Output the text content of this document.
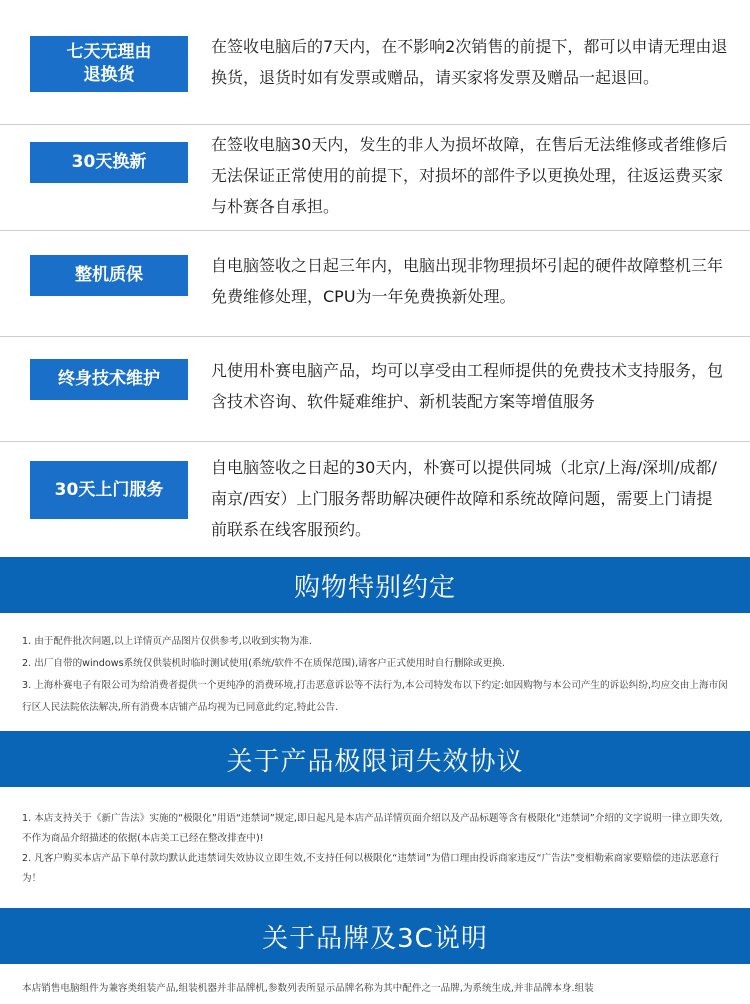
七天无理由
退换货
在签收电脑后的7天内，在不影响2次销售的前提下，都可以申请无理由退换货，退货时如有发票或赠品，请买家将发票及赠品一起退回。
30天换新
在签收电脑30天内，发生的非人为损坏故障，在售后无法维修或者维修后无法保证正常使用的前提下，对损坏的部件予以更换处理，往返运费买家与朴赛各自承担。
整机质保	自电脑签收之日起三年内，电脑出现非物理损坏引起的硬件故障整机三年免费维修处理，CPU为一年免费换新处理。
终身技术维护	凡使用朴赛电脑产品，均可以享受由工程师提供的免费技术支持服务，包含技术咨询、软件疑难维护、新机装配方案等增值服务
30天上门服务
自电脑签收之日起的30天内，朴赛可以提供同城（北京/上海/深圳/成都/南京/西安）上门服务帮助解决硬件故障和系统故障问题，需要上门请提前联系在线客服预约。
购物特别约定

1. 由于配件批次问题,以上详情页产品图片仅供参考,以收到实物为准.

2. 出厂自带的windows系统仅供装机时临时测试使用(系统/软件不在质保范围),请客户正式使用时自行删除或更换.

3. 上海朴赛电子有限公司为给消费者提供一个更纯净的消费环境,打击恶意诉讼等不法行为,本公司特发布以下约定:如因购物与本公司产生的诉讼纠纷,均应交由上海市闵行区人民法院依法解决,所有消费本店铺产品均视为已同意此约定,特此公告.

关于产品极限词失效协议

1. 本店支持关于《新广告法》实施的“极限化”用语“违禁词”规定,即日起凡是本店产品详情页面介绍以及产品标题等含有极限化“违禁词”介绍的文字说明一律立即失效,不作为商品介绍描述的依据(本店美工已经在整改排查中)!

2. 凡客户购买本店产品下单付款均默认此违禁词失效协议立即生效,不支持任何以极限化“违禁词”为借口理由投诉商家违反“广告法”变相勒索商家要赔偿的违法恶意行为！

关于品牌及3C说明

本店销售电脑组件为兼容类组装产品,组装机器并非品牌机,参数列表所显示品牌名称为其中配件之一品牌,为系统生成,并非品牌本身.组装
